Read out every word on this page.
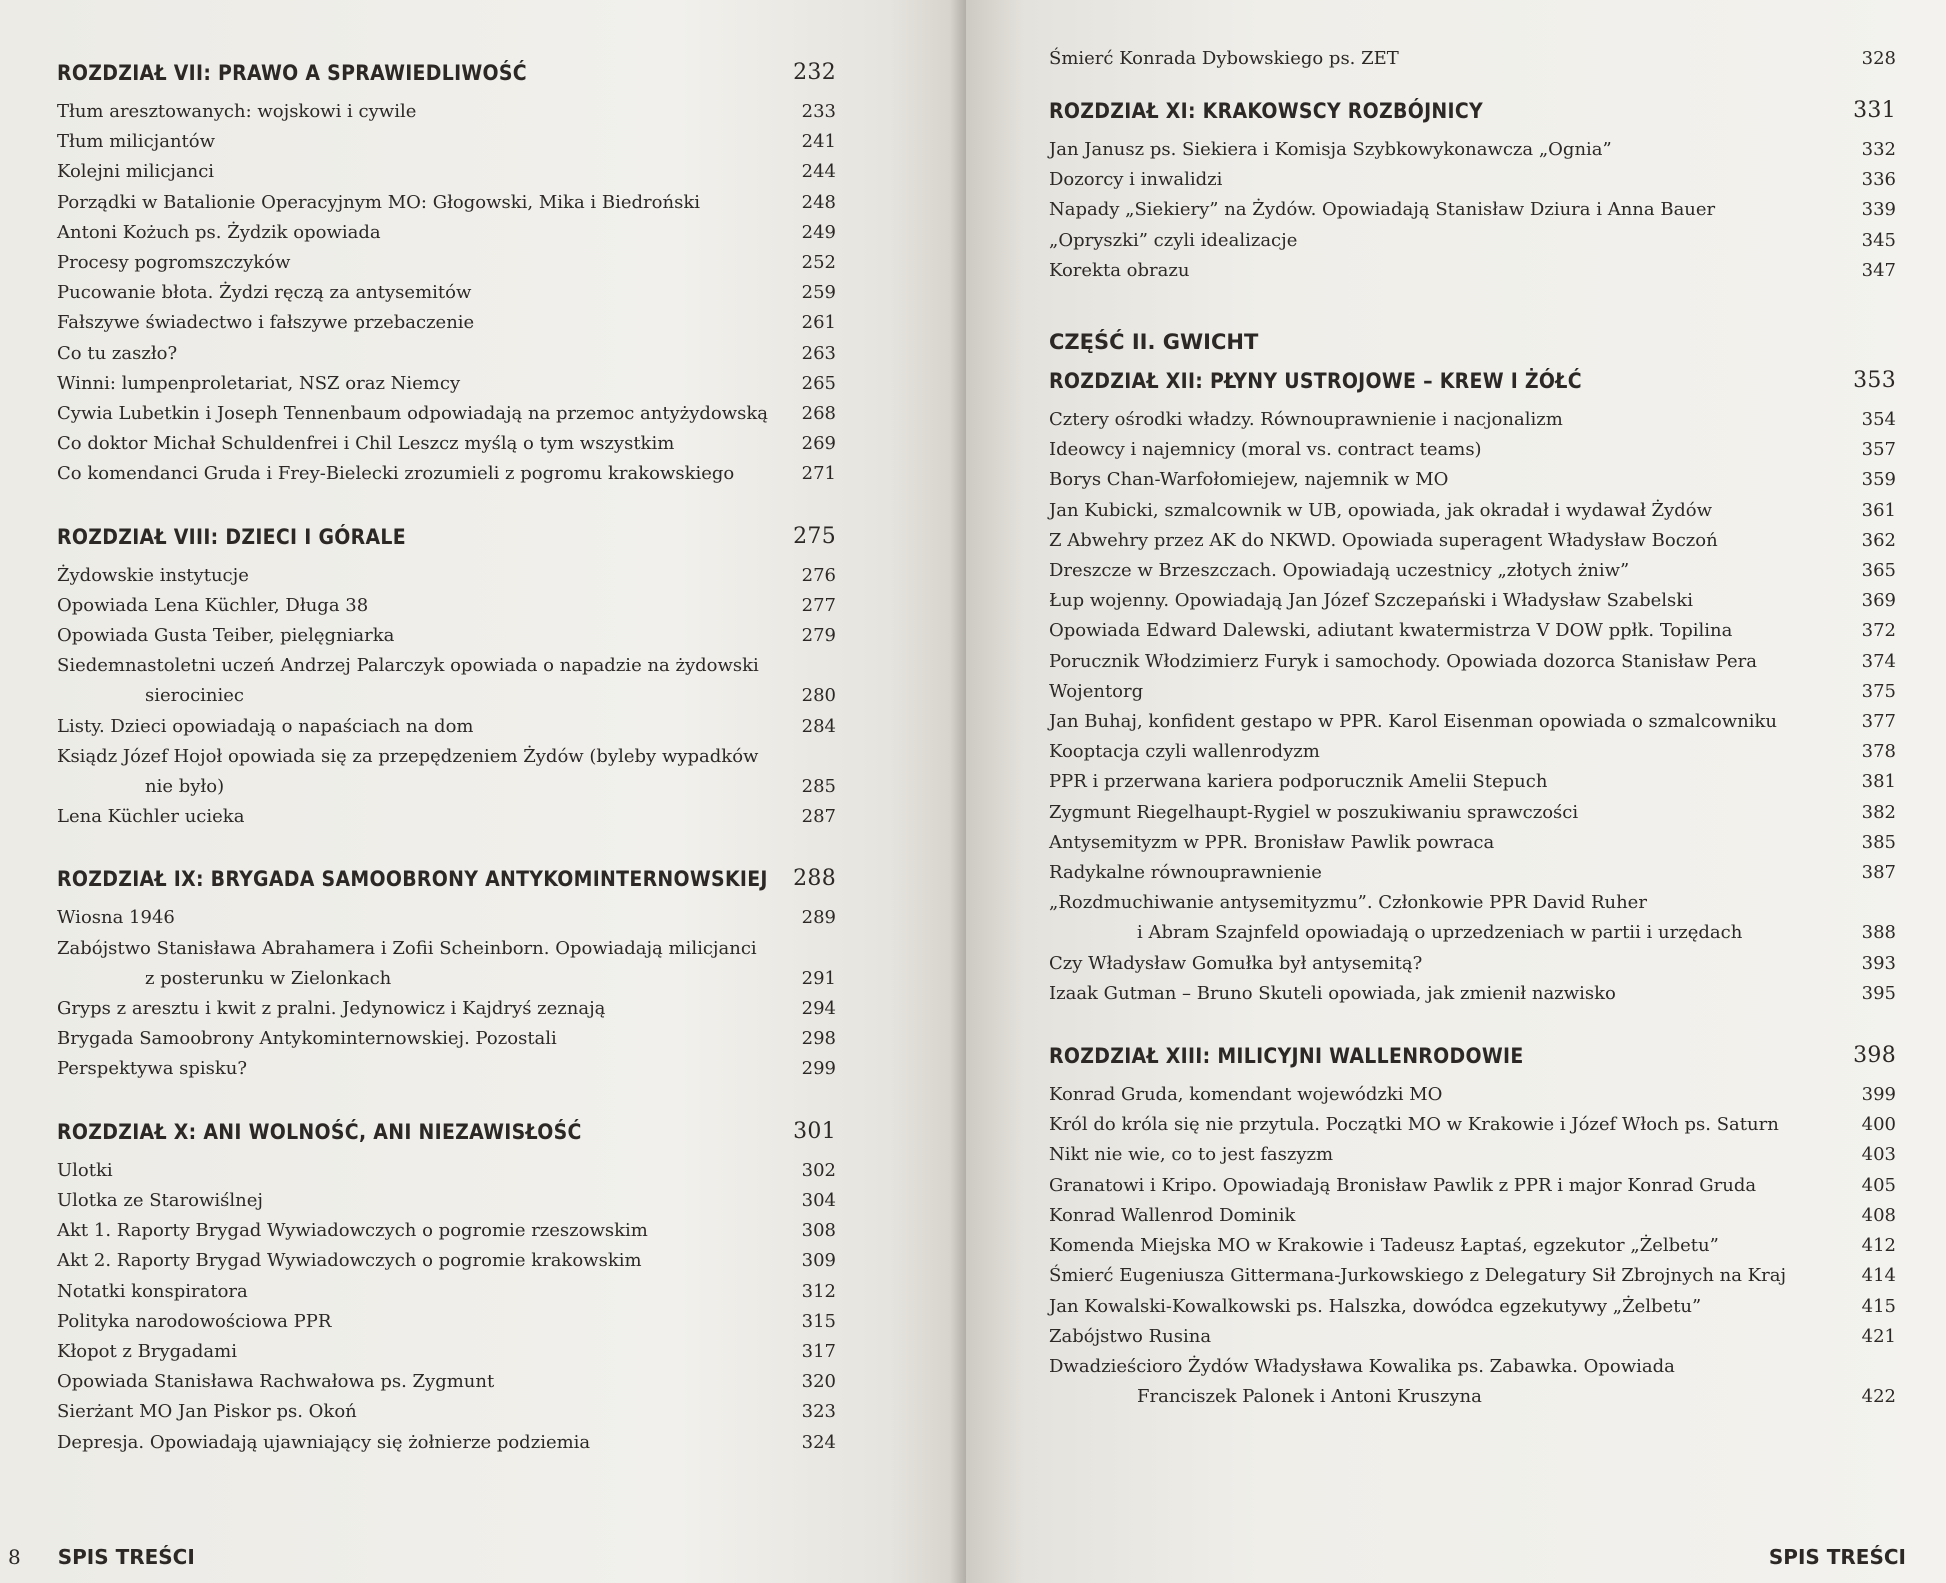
ROZDZIAŁ VII: PRAWO A SPRAWIEDLIWOŚĆ	232
Tłum aresztowanych: wojskowi i cywile	233
Tłum milicjantów	241
Kolejni milicjanci	244
Porządki w Batalionie Operacyjnym MO: Głogowski, Mika i Biedroński	248
Antoni Kożuch ps. Żydzik opowiada	249
Procesy pogromszczyków	252
Pucowanie błota. Żydzi ręczą za antysemitów	259
Fałszywe świadectwo i fałszywe przebaczenie	261
Co tu zaszło?	263
Winni: lumpenproletariat, NSZ oraz Niemcy	265
Cywia Lubetkin i Joseph Tennenbaum odpowiadają na przemoc antyżydowską	268
Co doktor Michał Schuldenfrei i Chil Leszcz myślą o tym wszystkim	269
Co komendanci Gruda i Frey-Bielecki zrozumieli z pogromu krakowskiego	271
ROZDZIAŁ VIII: DZIECI I GÓRALE	275
Żydowskie instytucje	276
Opowiada Lena Küchler, Długa 38	277
Opowiada Gusta Teiber, pielęgniarka	279
Siedemnastoletni uczeń Andrzej Palarczyk opowiada o napadzie na żydowski
sierociniec	280
Listy. Dzieci opowiadają o napaściach na dom	284
Ksiądz Józef Hojoł opowiada się za przepędzeniem Żydów (byleby wypadków
nie było)	285
Lena Küchler ucieka	287
ROZDZIAŁ IX: BRYGADA SAMOOBRONY ANTYKOMINTERNOWSKIEJ 288
Wiosna 1946	289
Zabójstwo Stanisława Abrahamera i Zofii Scheinborn. Opowiadają milicjanci
z posterunku w Zielonkach	291
Gryps z aresztu i kwit z pralni. Jedynowicz i Kajdryś zeznają	294
Brygada Samoobrony Antykominternowskiej. Pozostali	298
Perspektywa spisku?	299
ROZDZIAŁ X: ANI WOLNOŚĆ, ANI NIEZAWISŁOŚĆ	301
Ulotki	302
Ulotka ze Starowiślnej	304
Akt 1. Raporty Brygad Wywiadowczych o pogromie rzeszowskim	308
Akt 2. Raporty Brygad Wywiadowczych o pogromie krakowskim	309
Notatki konspiratora	312
Polityka narodowościowa PPR	315
Kłopot z Brygadami	317
Opowiada Stanisława Rachwałowa ps. Zygmunt	320
Sierżant MO Jan Piskor ps. Okoń	323
Depresja. Opowiadają ujawniający się żołnierze podziemia	324
8 SPIS TREŚCI
Śmierć Konrada Dybowskiego ps. ZET	328
ROZDZIAŁ XI: KRAKOWSCY ROZBÓJNICY	331
Jan Janusz ps. Siekiera i Komisja Szybkowykonawcza „Ognia”	332
Dozorcy i inwalidzi	336
Napady „Siekiery” na Żydów. Opowiadają Stanisław Dziura i Anna Bauer	339
„Opryszki” czyli idealizacje	345
Korekta obrazu	347
CZĘŚĆ II. GWICHT
ROZDZIAŁ XII: PŁYNY USTROJOWE – KREW I ŻÓŁĆ	353
Cztery ośrodki władzy. Równouprawnienie i nacjonalizm	354
Ideowcy i najemnicy (moral vs. contract teams)	357
Borys Chan-Warfołomiejew, najemnik w MO	359
Jan Kubicki, szmalcownik w UB, opowiada, jak okradał i wydawał Żydów	361
Z Abwehry przez AK do NKWD. Opowiada superagent Władysław Boczoń	362
Dreszcze w Brzeszczach. Opowiadają uczestnicy „złotych żniw”	365
Łup wojenny. Opowiadają Jan Józef Szczepański i Władysław Szabelski	369
Opowiada Edward Dalewski, adiutant kwatermistrza V DOW ppłk. Topilina	372
Porucznik Włodzimierz Furyk i samochody. Opowiada dozorca Stanisław Pera	374
Wojentorg	375
Jan Buhaj, konfident gestapo w PPR. Karol Eisenman opowiada o szmalcowniku	377
Kooptacja czyli wallenrodyzm	378
PPR i przerwana kariera podporucznik Amelii Stepuch	381
Zygmunt Riegelhaupt-Rygiel w poszukiwaniu sprawczości	382
Antysemityzm w PPR. Bronisław Pawlik powraca	385
Radykalne równouprawnienie	387
„Rozdmuchiwanie antysemityzmu”. Członkowie PPR David Ruher
i Abram Szajnfeld opowiadają o uprzedzeniach w partii i urzędach	388
Czy Władysław Gomułka był antysemitą?	393
Izaak Gutman – Bruno Skuteli opowiada, jak zmienił nazwisko	395
ROZDZIAŁ XIII: MILICYJNI WALLENRODOWIE	398
Konrad Gruda, komendant wojewódzki MO	399
Król do króla się nie przytula. Początki MO w Krakowie i Józef Włoch ps. Saturn	400
Nikt nie wie, co to jest faszyzm	403
Granatowi i Kripo. Opowiadają Bronisław Pawlik z PPR i major Konrad Gruda	405
Konrad Wallenrod Dominik	408
Komenda Miejska MO w Krakowie i Tadeusz Łaptaś, egzekutor „Żelbetu”	412
Śmierć Eugeniusza Gittermana-Jurkowskiego z Delegatury Sił Zbrojnych na Kraj	414
Jan Kowalski-Kowalkowski ps. Halszka, dowódca egzekutywy „Żelbetu”	415
Zabójstwo Rusina	421
Dwadzieścioro Żydów Władysława Kowalika ps. Zabawka. Opowiada
Franciszek Palonek i Antoni Kruszyna	422
SPIS TREŚCI
